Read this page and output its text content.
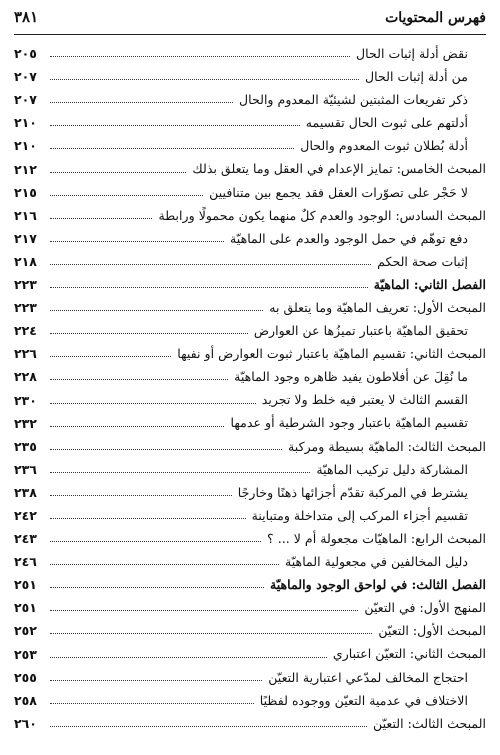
فهرس المحتويات
٣٨١
نقض أدلة إثبات الحال
٢٠٥
من أدلة إثبات الحال
٢٠٧
ذكر تفريعات المثبتين لشيئيّة المعدوم والحال
٢٠٧
أدلتهم على ثبوت الحال تقسيمه
٢١٠
أدلة بُطلان ثبوت المعدوم والحال
٢١٠
المبحث الخامس: تمايز الإعدام في العقل وما يتعلق بذلك
٢١٢
لا حَجْر على تصوّرات العقل فقد يجمع بين متنافيين
٢١٥
المبحث السادس: الوجود والعدم كلٌ منهما يكون محمولًا ورابطة
٢١٦
دفع توهّم في حمل الوجود والعدم على الماهيّة
٢١٧
إثبات صحة الحكم
٢١٨
الفصل الثاني: الماهيّة
٢٢٣
المبحث الأول: تعريف الماهيّة وما يتعلق به
٢٢٣
تحقيق الماهيّة باعتبار تميزُها عن العوارض
٢٢٤
المبحث الثاني: تقسيم الماهيّة باعتبار ثبوت العوارض أو نفيها
٢٢٦
ما نُقِلَ عن أفلاطون يفيد ظاهره وجود الماهيّة
٢٢٨
القسم الثالث لا يعتبر فيه خلط ولا تجريد
٢٣٠
تقسيم الماهيّة باعتبار وجود الشرطية أو عدمها
٢٣٢
المبحث الثالث: الماهيّة بسيطة ومركبة
٢٣٥
المشاركة دليل تركيب الماهيّة
٢٣٦
يشترط في المركبة تقدّم أجزائها ذهنًا وخارجًا
٢٣٨
تقسيم أجزاء المركب إلى متداخلة ومتباينة
٢٤٢
المبحث الرابع: الماهيّات مجعولة أم لا ... ؟
٢٤٣
دليل المخالفين في مجعولية الماهيّة
٢٤٦
الفصل الثالث: في لواحق الوجود والماهيّة
٢٥١
المنهج الأول: في التعيّن
٢٥١
المبحث الأول: التعيّن
٢٥٢
المبحث الثاني: التعيّن اعتباري
٢٥٣
احتجاج المخالف لمدّعي اعتبارية التعيّن
٢٥٥
الاختلاف في عدمية التعيّن ووجوده لفظيًا
٢٥٨
المبحث الثالث: التعيّن
٢٦٠
